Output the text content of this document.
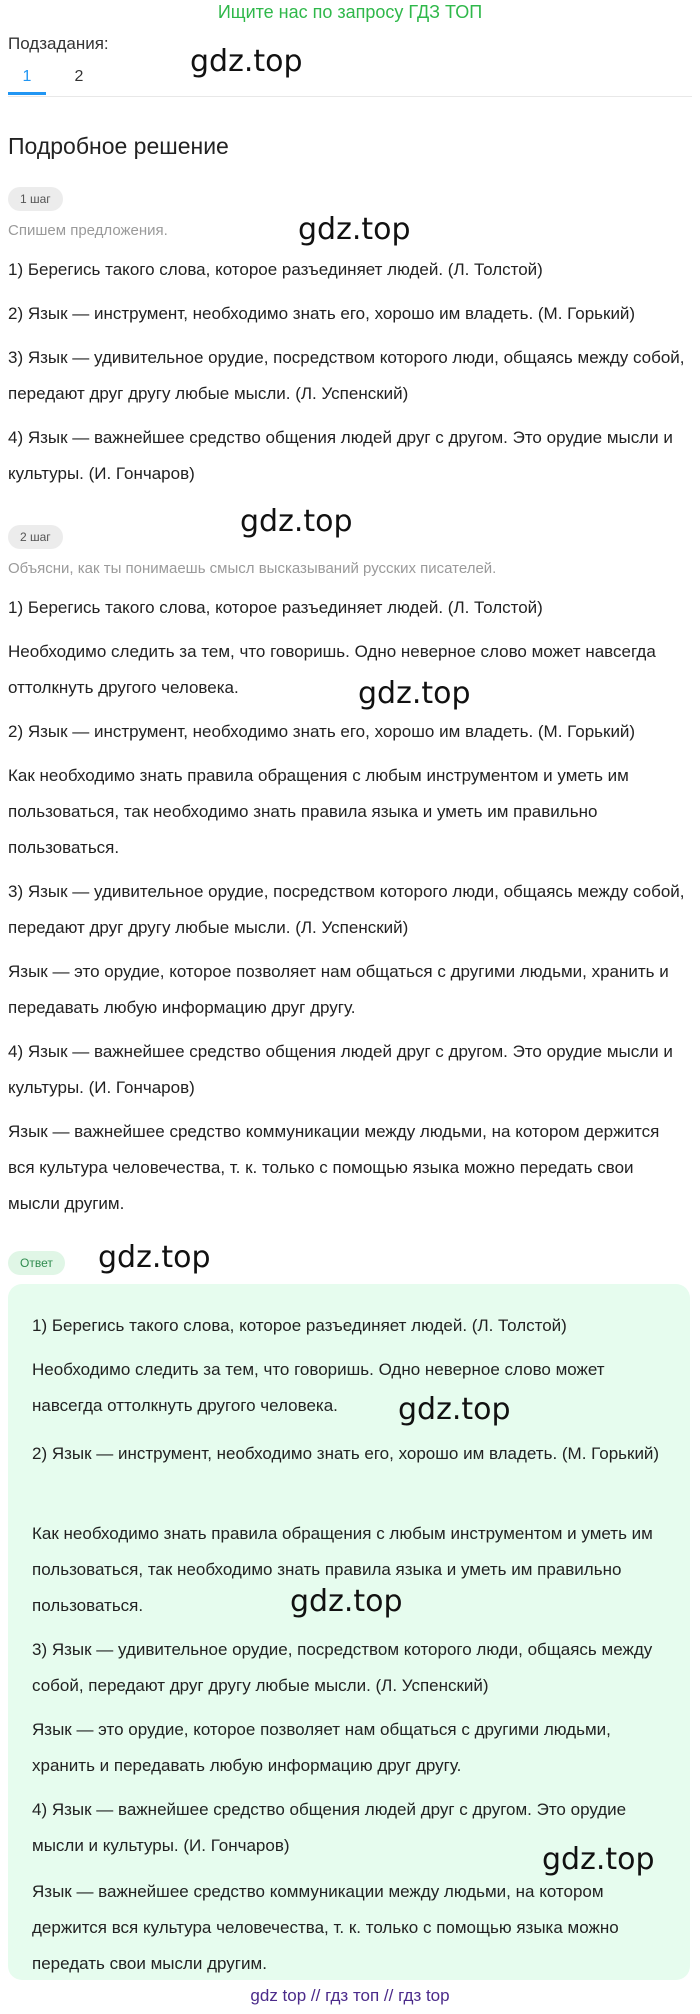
Ищите нас по запросу ГДЗ ТОП
Подзадания:
1	2	gdz.top
Подробное решение
1 шаг
Спишем предложения.	gdz.top
1) Берегись такого слова, которое разъединяет людей. (Л. Толстой)
2) Язык — инструмент, необходимо знать его, хорошо им владеть. (М. Горький)
3) Язык — удивительное орудие, посредством которого люди, общаясь между собой, передают друг другу любые мысли. (Л. Успенский)
4) Язык — важнейшее средство общения людей друг с другом. Это орудие мысли и культуры. (И. Гончаров)
gdz.top
2 шаг
Объясни, как ты понимаешь смысл высказываний русских писателей.
1) Берегись такого слова, которое разъединяет людей. (Л. Толстой)
Необходимо следить за тем, что говоришь. Одно неверное слово может навсегда оттолкнуть другого человека.	gdz.top
2) Язык — инструмент, необходимо знать его, хорошо им владеть. (М. Горький)
Как необходимо знать правила обращения с любым инструментом и уметь им пользоваться, так необходимо знать правила языка и уметь им правильно пользоваться.
3) Язык — удивительное орудие, посредством которого люди, общаясь между собой, передают друг другу любые мысли. (Л. Успенский)
Язык — это орудие, которое позволяет нам общаться с другими людьми, хранить и передавать любую информацию друг другу.
4) Язык — важнейшее средство общения людей друг с другом. Это орудие мысли и культуры. (И. Гончаров)
Язык — важнейшее средство коммуникации между людьми, на котором держится вся культура человечества, т. к. только с помощью языка можно передать свои мысли другим.
Ответ	gdz.top
1) Берегись такого слова, которое разъединяет людей. (Л. Толстой)
Необходимо следить за тем, что говоришь. Одно неверное слово может навсегда оттолкнуть другого человека.	gdz.top
2) Язык — инструмент, необходимо знать его, хорошо им владеть. (М. Горький)
Как необходимо знать правила обращения с любым инструментом и уметь им пользоваться, так необходимо знать правила языка и уметь им правильно пользоваться.	gdz.top
3) Язык — удивительное орудие, посредством которого люди, общаясь между собой, передают друг другу любые мысли. (Л. Успенский)
Язык — это орудие, которое позволяет нам общаться с другими людьми, хранить и передавать любую информацию друг другу.
4) Язык — важнейшее средство общения людей друг с другом. Это орудие мысли и культуры. (И. Гончаров)	gdz.top
Язык — важнейшее средство коммуникации между людьми, на котором держится вся культура человечества, т. к. только с помощью языка можно передать свои мысли другим.
gdz top // гдз топ // гдз top
